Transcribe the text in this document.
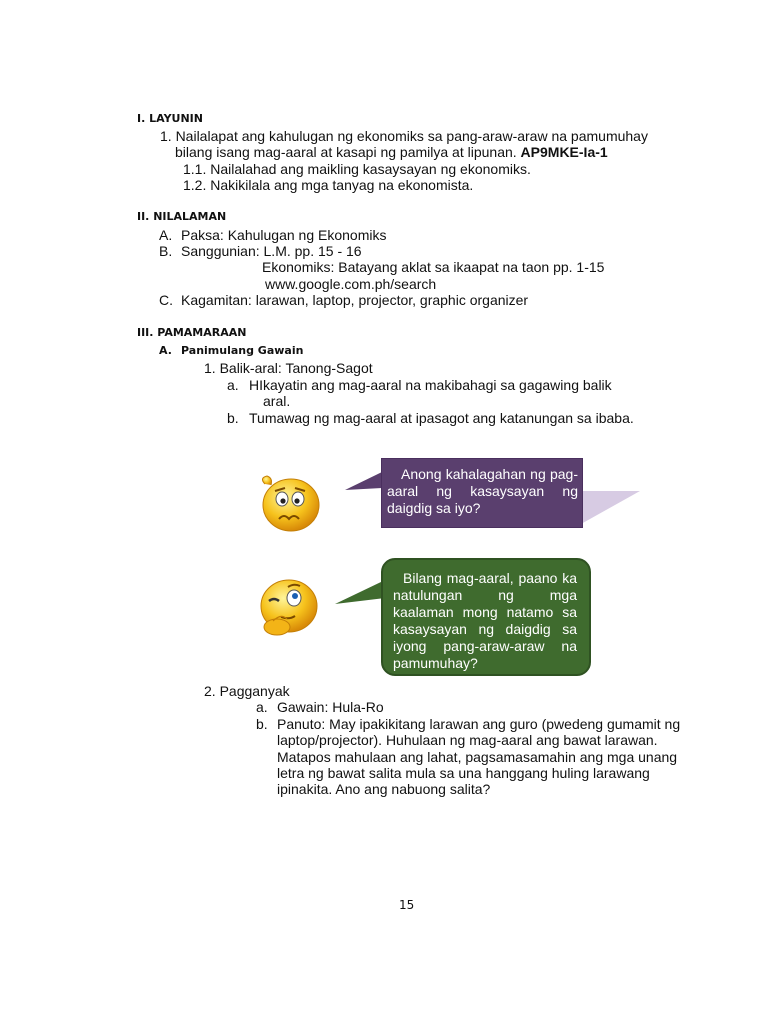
I. LAYUNIN
1. Nailalapat ang kahulugan ng ekonomiks sa pang-araw-araw na pamumuhay
bilang isang mag-aaral at kasapi ng pamilya at lipunan. AP9MKE-Ia-1
1.1. Nailalahad ang maikling kasaysayan ng ekonomiks.
1.2. Nakikilala ang mga tanyag na ekonomista.
II. NILALAMAN
A. Paksa: Kahulugan ng Ekonomiks
B. Sanggunian: L.M. pp. 15 - 16
Ekonomiks: Batayang aklat sa ikaapat na taon pp. 1-15
www.google.com.ph/search
C. Kagamitan: larawan, laptop, projector, graphic organizer
III. PAMAMARAAN
A. Panimulang Gawain
1. Balik-aral: Tanong-Sagot
a. HIkayatin ang mag-aaral na makibahagi sa gagawing balik
aral.
b. Tumawag ng mag-aaral at ipasagot ang katanungan sa ibaba.
Anong kahalagahan ng pag-aaral ng kasaysayan ng daigdig sa iyo?
Bilang mag-aaral, paano ka natulungan ng mga kaalaman mong natamo sa kasaysayan ng daigdig sa iyong pang-araw-araw na pamumuhay?
2. Pagganyak
a. Gawain: Hula-Ro
b. Panuto: May ipakikitang larawan ang guro (pwedeng gumamit ng
laptop/projector). Huhulaan ng mag-aaral ang bawat larawan.
Matapos mahulaan ang lahat, pagsamasamahin ang mga unang
letra ng bawat salita mula sa una hanggang huling larawang
ipinakita. Ano ang nabuong salita?
15
